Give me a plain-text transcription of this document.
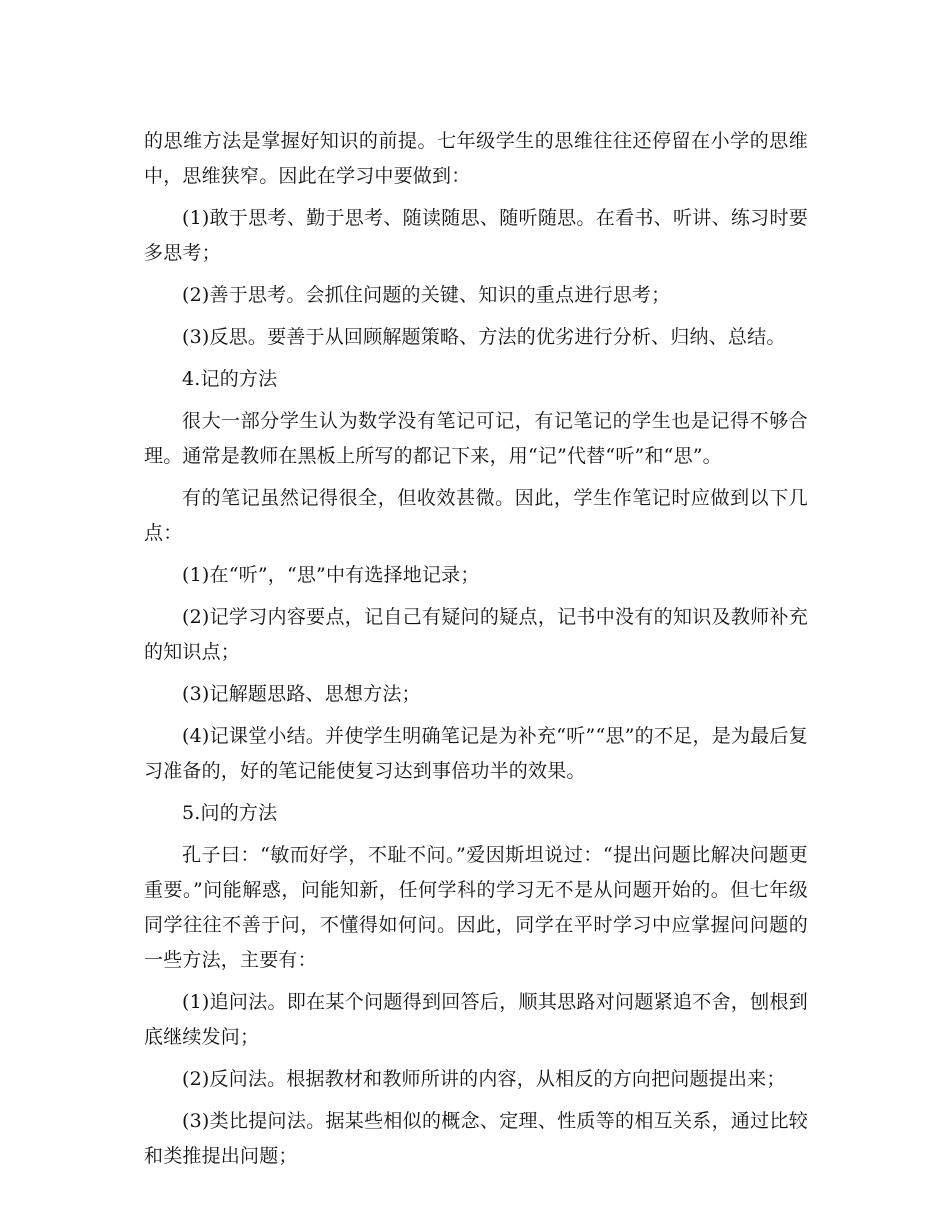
的思维方法是掌握好知识的前提。七年级学生的思维往往还停留在小学的思维中，思维狭窄。因此在学习中要做到：

(1)敢于思考、勤于思考、随读随思、随听随思。在看书、听讲、练习时要多思考；

(2)善于思考。会抓住问题的关键、知识的重点进行思考；

(3)反思。要善于从回顾解题策略、方法的优劣进行分析、归纳、总结。

4.记的方法

很大一部分学生认为数学没有笔记可记，有记笔记的学生也是记得不够合理。通常是教师在黑板上所写的都记下来，用“记”代替“听”和“思”。

有的笔记虽然记得很全，但收效甚微。因此，学生作笔记时应做到以下几点：

(1)在“听”，“思”中有选择地记录；

(2)记学习内容要点，记自己有疑问的疑点，记书中没有的知识及教师补充的知识点；

(3)记解题思路、思想方法；

(4)记课堂小结。并使学生明确笔记是为补充“听”“思”的不足，是为最后复习准备的，好的笔记能使复习达到事倍功半的效果。

5.问的方法

孔子曰：“敏而好学，不耻不问。”爱因斯坦说过：“提出问题比解决问题更重要。”问能解惑，问能知新，任何学科的学习无不是从问题开始的。但七年级同学往往不善于问，不懂得如何问。因此，同学在平时学习中应掌握问问题的一些方法，主要有：

(1)追问法。即在某个问题得到回答后，顺其思路对问题紧追不舍，刨根到底继续发问；

(2)反问法。根据教材和教师所讲的内容，从相反的方向把问题提出来；

(3)类比提问法。据某些相似的概念、定理、性质等的相互关系，通过比较和类推提出问题；
